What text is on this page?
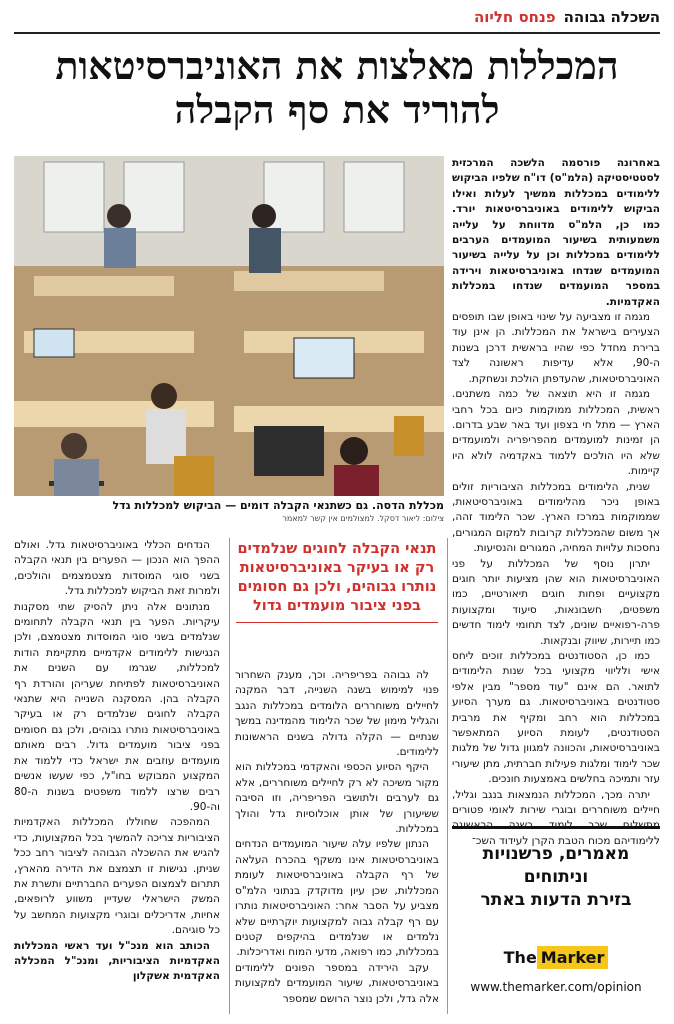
השכלה גבוהה
פנחס חליוה
המכללות מאלצות את האוניברסיטאות
להוריד את סף הקבלה
מכללת הדסה. גם כשתנאי הקבלה דומים — הביקוש למכללות גדל
צילום: ליאור דסקל. למצולמים אין קשר למאמר

באחרונה פורסמה הלשכה המרכזית לסטטיסטיקה (הלמ"ס) דו"ח שלפיו הביקוש ללימודים במכללות ממשיך לעלות ואילו הביקוש ללימודים באוניברסיטאות יורד. כמו כן, הלמ"ס מדווחת על עלייה משמעותית בשיעור המועמדים הערבים ללימודים במכללות וכן על עלייה בשיעור המועמדים שנדחו באוניברסיטאות וירידה במספר המועמדים שנדחו במכללות האקדמיות.

מגמה זו מצביעה על שינוי באופן שבו תופסים הצעירים בישראל את המכללות. הן אינן עוד ברירת מחדל כפי שהיו בראשית דרכן בשנות ה-90, אלא עדיפות ראשונה לצד האוניברסיטאות, שהעדפתן הולכת ונשחקת.

מגמה זו היא תוצאה של כמה משתנים. ראשית, המכללות ממוקמות כיום בכל רחבי הארץ — מתל חי בצפון ועד באר שבע בדרום. הן זמינות למועמדים מהפריפריה ולמועמדים שלא היו הולכים ללמוד באקדמיה לולא היו קיימות.

שנית, הלימודים במכללות הציבוריות זולים באופן ניכר מהלימודים באוניברסיטאות, שממוקמות במרכז הארץ. שכר הלימוד זהה, אך משום שהמכללות קרובות למקום המגורים, נחסכות עלויות המחיה, המגורים והנסיעות.

יתרון נוסף של המכללות על פני האוניברסיטאות הוא שהן מציעות יותר חוגים מקצועיים ופחות חוגים תיאורטיים, כמו משפטים, חשבונאות, סיעוד ומקצועות פרה-רפואיים שונים, לצד תחומי לימוד חדשים כמו תיירות, שיווק ובנקאות.

כמו כן, הסטודנטים במכללות זוכים ליחס אישי ולליווי מקצועי בכל שנות הלימודים לתואר. הם אינם "עוד מספר" מבין אלפי סטודנטים באוניברסיטאות. גם מערך הסיוע במכללות הוא רחב ומקיף את מרבית הסטודנטים, לעומת הסיוע המתאפשר באוניברסיטאות, והכוונה למגוון גדול של מלגות שכר לימוד ומלגות פעילות חברתית, מתן שיעורי עזר ותמיכה בחלשים באמצעות חונכים.

יתרה מכך, המכללות הנמצאות בנגב וגליל, חיילים משוחררים ובוגרי שירות לאומי פטורים מתשלום שכר לימוד בשנה הראשונה ללימודיהם מכוח הטבת הקרן לעידוד השכ־

תנאי הקבלה לחוגים שנלמדים רק או בעיקר באוניברסיטאות נותרו גבוהים, ולכן גם חסומים בפני ציבור מועמדים גדול

לה גבוהה בפריפריה. וכך, מענק השחרור פנוי למימוש בשנה השנייה, דבר המקנה לחיילים משוחררים הלומדים במכללות הנגב והגליל מימון של שכר הלימוד מהמדינה במשך שנתיים — הקלה גדולה בשנים הראשונות ללימודים.

היקף הסיוע הכספי והאקדמי במכללות הוא מקור משיכה לא רק לחיילים משוחררים, אלא גם לערבים ולתושבי הפריפריה, וזו הסיבה ששיעורן של אותן אוכלוסיות גדל והולך במכללות.

הנתון שלפיו עלה שיעור המועמדים הנדחים באוניברסיטאות אינו משקף בהכרח העלאה של רף הקבלה באוניברסיטאות לעומת המכללות, שכן עיון מדוקדק בנתוני הלמ"ס מצביע על הסבר אחר: האוניברסיטאות נותרו עם רף קבלה גבוה למקצועות יוקרתיים שלא נלמדים או שנלמדים בהיקפים קטנים במכללות, כמו רפואה, מדעי המוח ואדריכלות.

עקב הירידה במספר הפונים ללימודים באוניברסיטאות, שיעור המועמדים למקצועות אלה גדל, ולכן נוצר הרושם שמספר

הנדחים הכללי באוניברסיטאות גדל. ואולם ההפך הוא הנכון — הפערים בין תנאי הקבלה בשני סוגי המוסדות מצטמצמים והולכים, ולמרות זאת הביקוש למכללות גדל.

מנתונים אלה ניתן להסיק שתי מסקנות עיקריות. הפער בין תנאי הקבלה לתחומים שנלמדים בשני סוגי המוסדות מצטמצם, ולכן הנגישות ללימודים אקדמיים מתקיימת הודות למכללות, שגרמו עם השנים את האוניברסיטאות לפתיחת שעריהן והורדת רף הקבלה בהן. המסקנה השנייה היא שתנאי הקבלה לחוגים שנלמדים רק או בעיקר באוניברסיטאות נותרו גבוהים, ולכן גם חסומים בפני ציבור מועמדים גדול. רבים מאותם מועמדים עוזבים את ישראל כדי ללמוד את המקצוע המבוקש בחו"ל, כפי שעשו אנשים רבים שרצו ללמוד משפטים בשנות ה-80 וה-90.

המהפכה שחוללו המכללות האקדמיות הציבוריות צריכה להמשיך בכל המקצועות, כדי להגיש את ההשכלה הגבוהה לציבור רחב ככל שניתן. נגישות זו תצמצם את הדירה מהארץ, תתרום לצמצום הפערים החברתיים ותשרת את המשק הישראלי שעדיין משווע לרופאים, אחיות, אדריכלים ובוגרי מקצועות המחשב על כל סוגיהם.

הכותב הוא מנכ"ל ועד ראשי המכללות האקדמיות הציבוריות, ומנכ"ל המכללה האקדמית אשקלון

מאמרים, פרשנויות וניתוחים
בזירת הדעות באתר
The Marker
www.themarker.com/opinion
